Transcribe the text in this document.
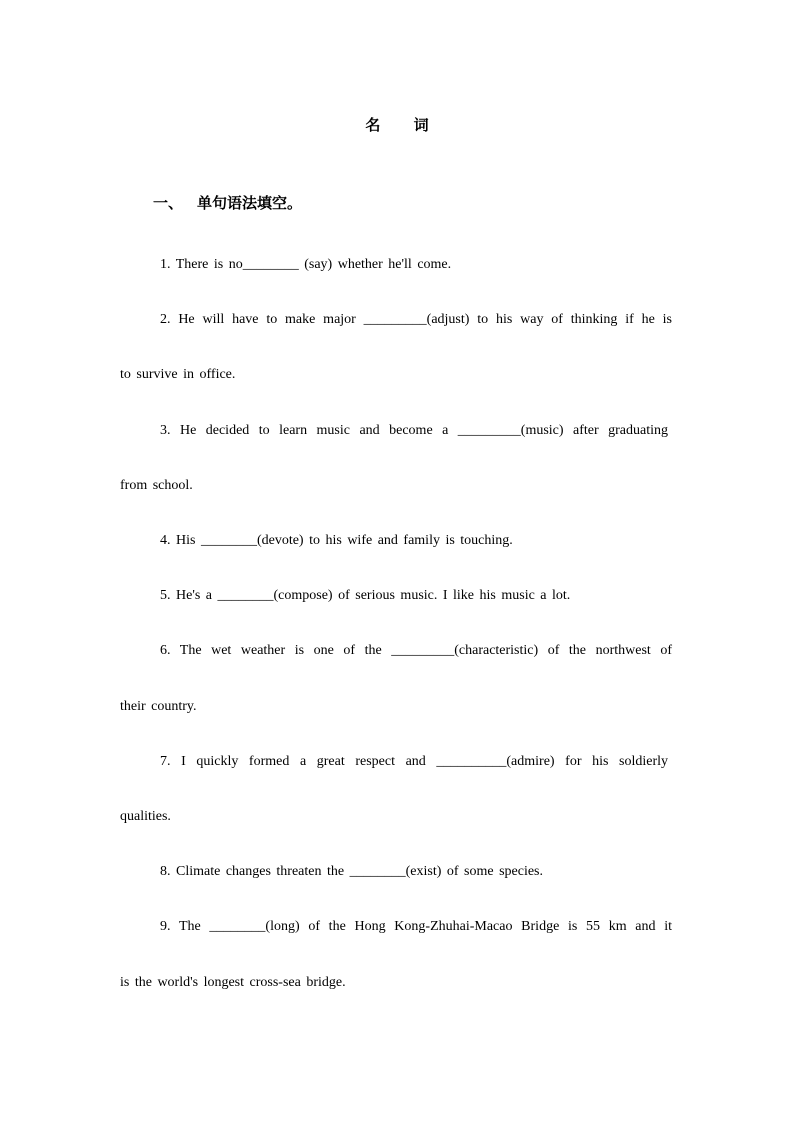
名 词
一、 单句语法填空。
1. There is no________ (say) whether he'll come.
2. He will have to make major _________(adjust) to his way of thinking if he is
to survive in office.
3. He decided to learn music and become a _________(music) after graduating
from school.
4. His ________(devote) to his wife and family is touching.
5. He's a ________(compose) of serious music. I like his music a lot.
6. The wet weather is one of the _________(characteristic) of the northwest of
their country.
7. I quickly formed a great respect and __________(admire) for his soldierly
qualities.
8. Climate changes threaten the ________(exist) of some species.
9. The ________(long) of the Hong Kong-Zhuhai-Macao Bridge is 55 km and it
is the world's longest cross-sea bridge.
